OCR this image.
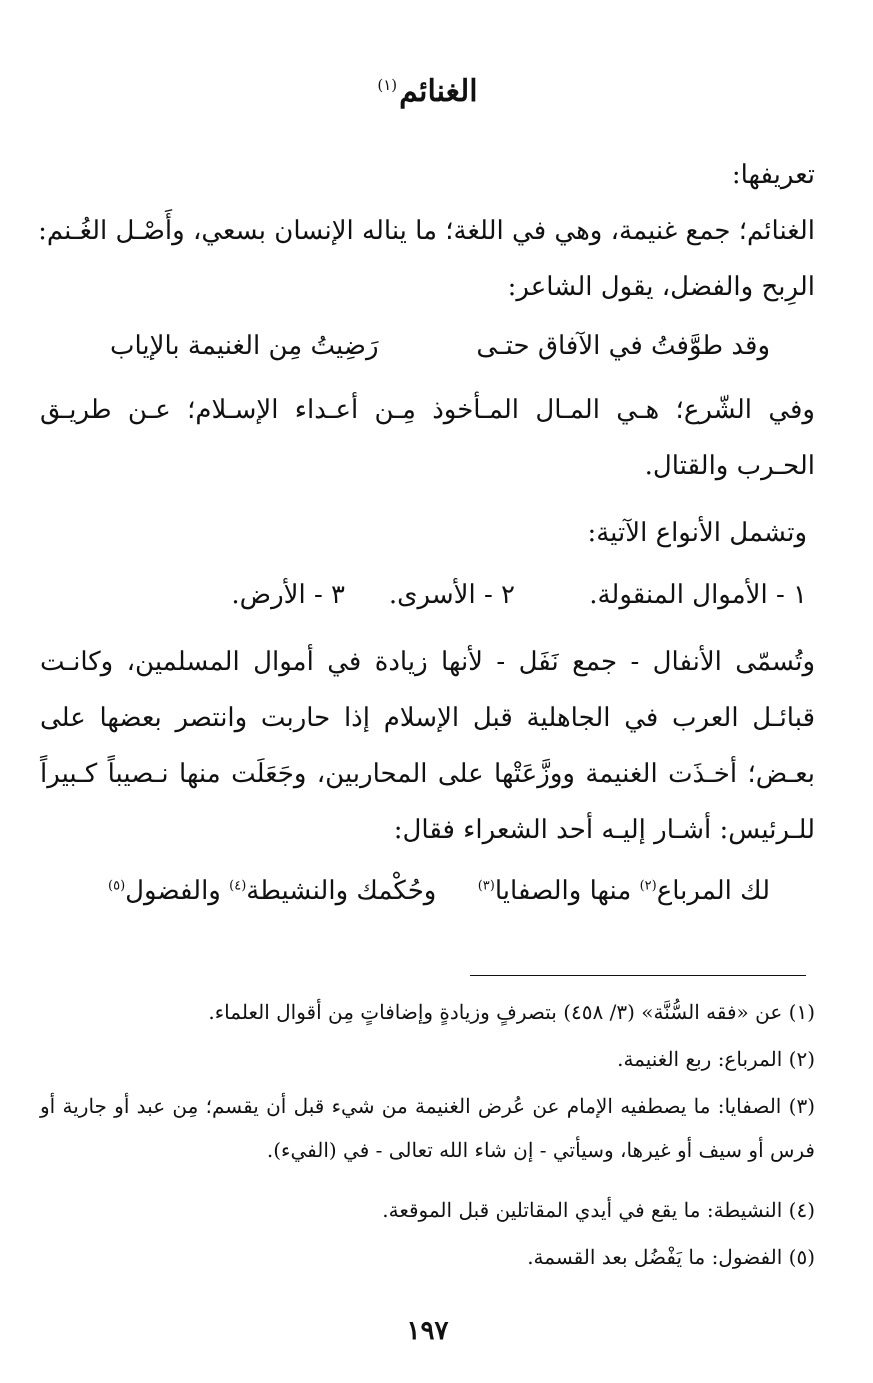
الغنائم$^{(١)}$
تعريفها:
الغنائم؛ جمع غنيمة، وهي في اللغة؛ ما يناله الإنسان بسعي، وأَصْـل الغُـنم:
الرِبح والفضل، يقول الشاعر:
وقد طوَّفتُ في الآفاق حتـى
رَضِيتُ مِن الغنيمة بالإياب
وفي الشّرع؛ هـي المـال المـأخوذ مِـن أعـداء الإسـلام؛ عـن طريـق الحـرب والقتال.
وتشمل الأنواع الآتية:
١ - الأموال المنقولة.
٢ - الأسرى.
٣ - الأرض.
وتُسمّى الأنفال - جمع نَفَل - لأنها زيادة في أموال المسلمين، وكانـت قبائـل العرب في الجاهلية قبل الإسلام إذا حاربت وانتصر بعضها على بعـض؛ أخـذَت الغنيمة ووزَّعَتْها على المحاربين، وجَعَلَت منها نـصيباً كـبيراً للـرئيس: أشـار إليـه أحد الشعراء فقال:
لك المرباع$^{(٢)}$ منها والصفايا$^{(٣)}$
وحُكْمك والنشيطة$^{(٤)}$ والفضول$^{(٥)}$
(١) عن «فقه السُّنَّة» (٣/ ٤٥٨) بتصرفٍ وزيادةٍ وإضافاتٍ مِن أقوال العلماء.
(٢) المرباع: ربع الغنيمة.
(٣) الصفايا: ما يصطفيه الإمام عن عُرض الغنيمة من شيء قبل أن يقسم؛ مِن عبد أو جارية أو فرس أو سيف أو غيرها، وسيأتي - إن شاء الله تعالى - في (الفيء).
(٤) النشيطة: ما يقع في أيدي المقاتلين قبل الموقعة.
(٥) الفضول: ما يَفْضُل بعد القسمة.
١٩٧
